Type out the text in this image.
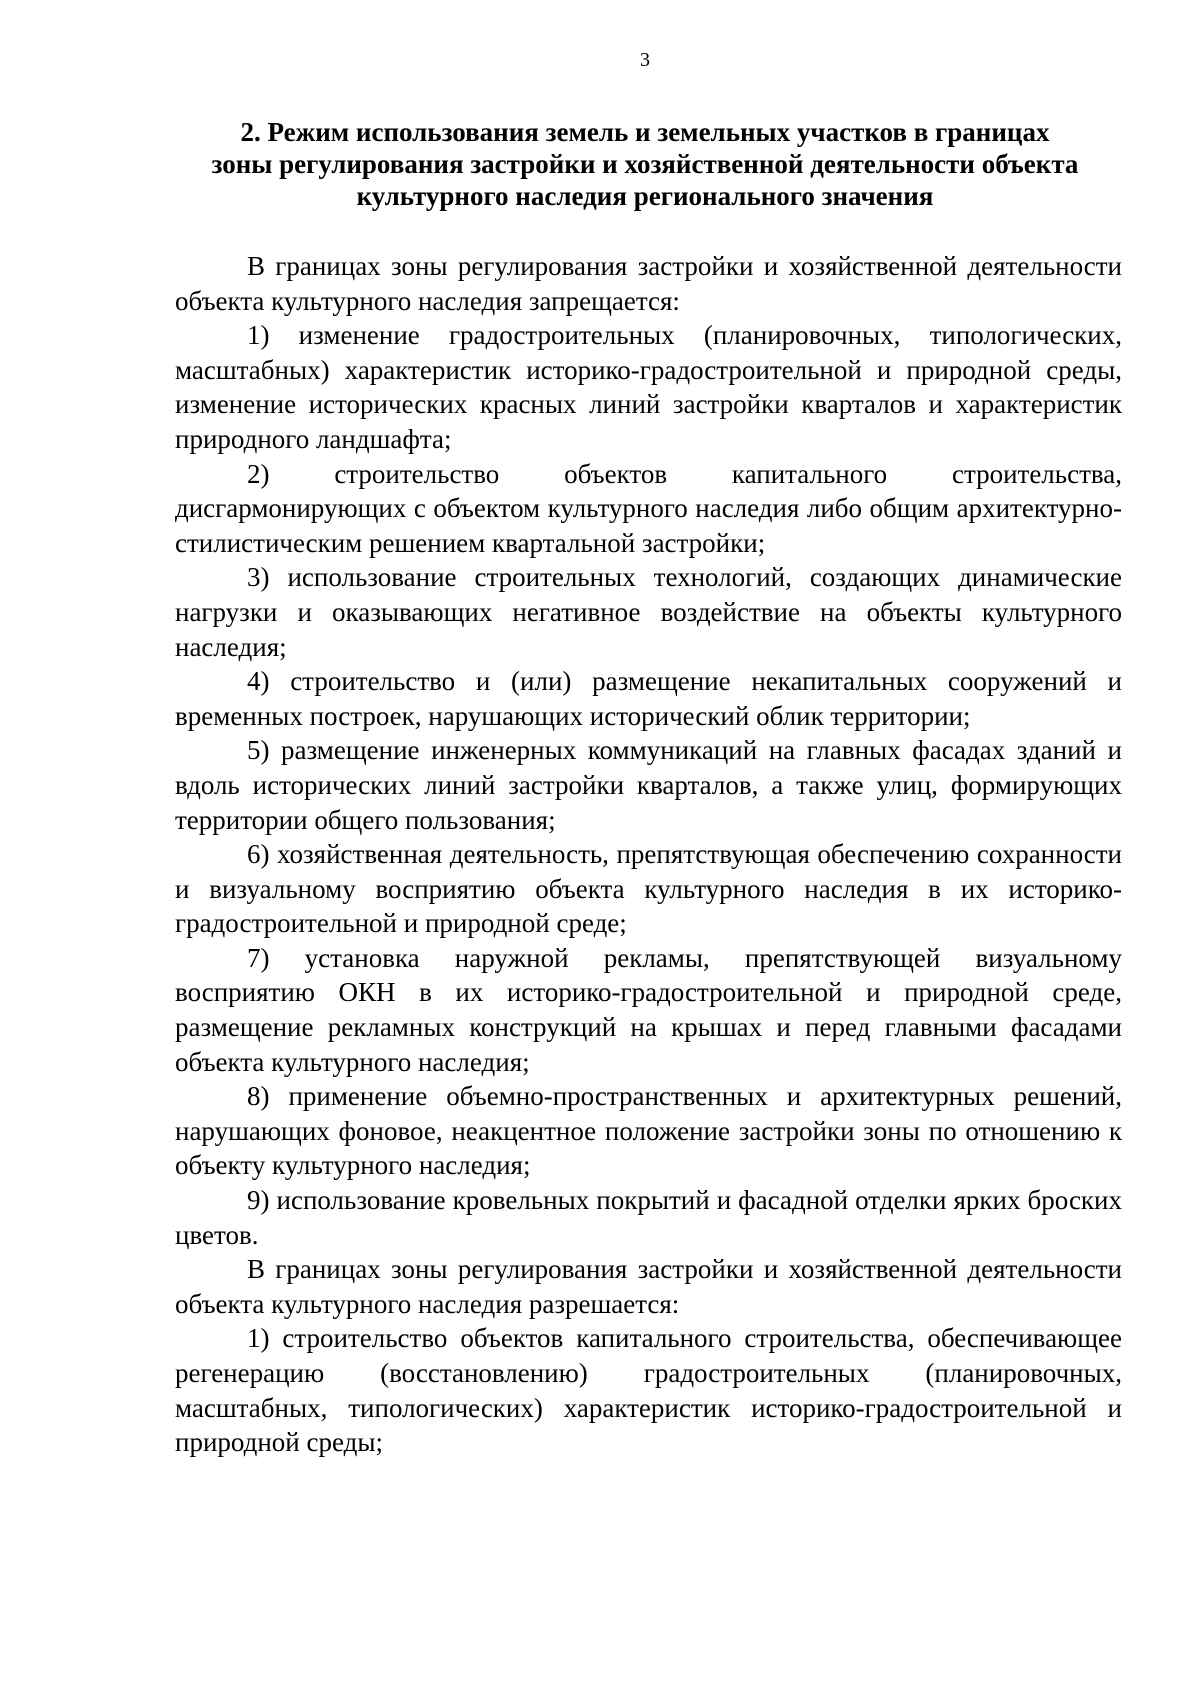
3
2. Режим использования земель и земельных участков в границах
зоны регулирования застройки и хозяйственной деятельности объекта
культурного наследия регионального значения

В границах зоны регулирования застройки и хозяйственной деятельности объекта культурного наследия запрещается:

1) изменение градостроительных (планировочных, типологических, масштабных) характеристик историко-градостроительной и природной среды, изменение исторических красных линий застройки кварталов и характеристик природного ландшафта;

2) строительство объектов капитального строительства, дисгармонирующих с объектом культурного наследия либо общим архитектурно-стилистическим решением квартальной застройки;

3) использование строительных технологий, создающих динамические нагрузки и оказывающих негативное воздействие на объекты культурного наследия;

4) строительство и (или) размещение некапитальных сооружений и временных построек, нарушающих исторический облик территории;

5) размещение инженерных коммуникаций на главных фасадах зданий и вдоль исторических линий застройки кварталов, а также улиц, формирующих территории общего пользования;

6) хозяйственная деятельность, препятствующая обеспечению сохранности и визуальному восприятию объекта культурного наследия в их историко-градостроительной и природной среде;

7) установка наружной рекламы, препятствующей визуальному восприятию ОКН в их историко-градостроительной и природной среде, размещение рекламных конструкций на крышах и перед главными фасадами объекта культурного наследия;

8) применение объемно-пространственных и архитектурных решений, нарушающих фоновое, неакцентное положение застройки зоны по отношению к объекту культурного наследия;

9) использование кровельных покрытий и фасадной отделки ярких броских цветов.

В границах зоны регулирования застройки и хозяйственной деятельности объекта культурного наследия разрешается:

1) строительство объектов капитального строительства, обеспечивающее регенерацию (восстановлению) градостроительных (планировочных, масштабных, типологических) характеристик историко-градостроительной и природной среды;
